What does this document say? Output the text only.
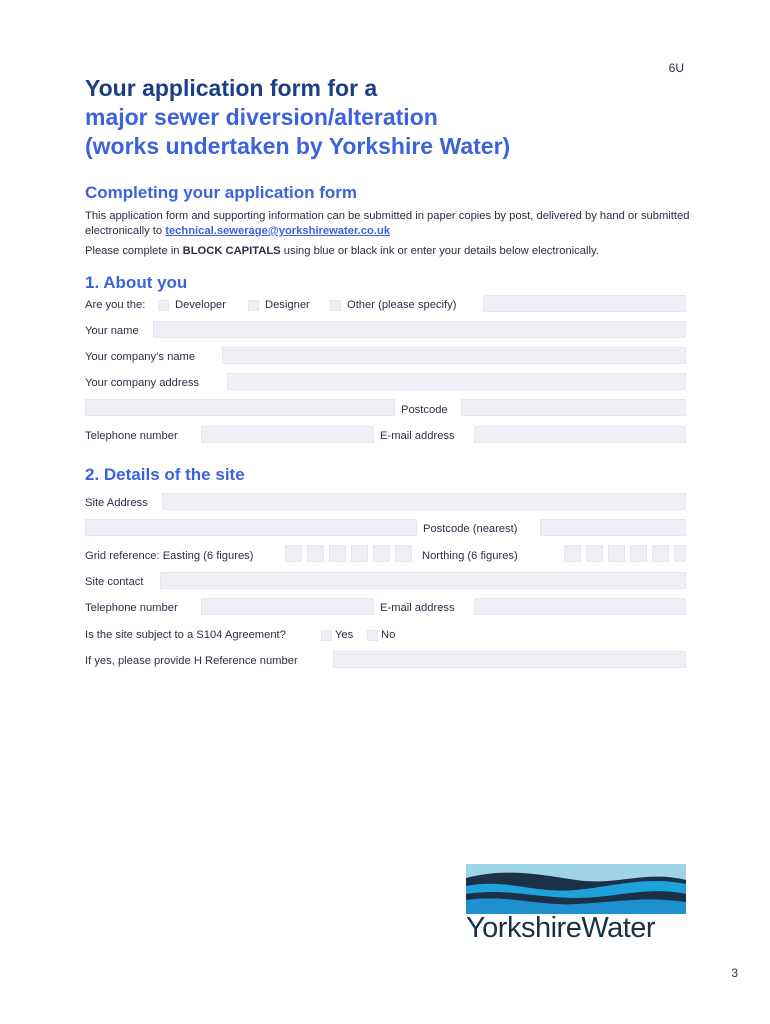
6U
Your application form for a
major sewer diversion/alteration
(works undertaken by Yorkshire Water)
Completing your application form

This application form and supporting information can be submitted in paper copies by post, delivered by hand or submitted electronically to technical.sewerage@yorkshirewater.co.uk

Please complete in BLOCK CAPITALS using blue or black ink or enter your details below electronically.

1. About you
Are you the:	Developer	Designer	Other (please specify)
Your name
Your company’s name
Your company address
Postcode
Telephone number	E-mail address
2. Details of the site
Site Address
Postcode (nearest)
Grid reference: Easting (6 figures)	Northing (6 figures)
Site contact
Telephone number	E-mail address
Is the site subject to a S104 Agreement?	Yes No
If yes, please provide H Reference number
YorkshireWater
3
